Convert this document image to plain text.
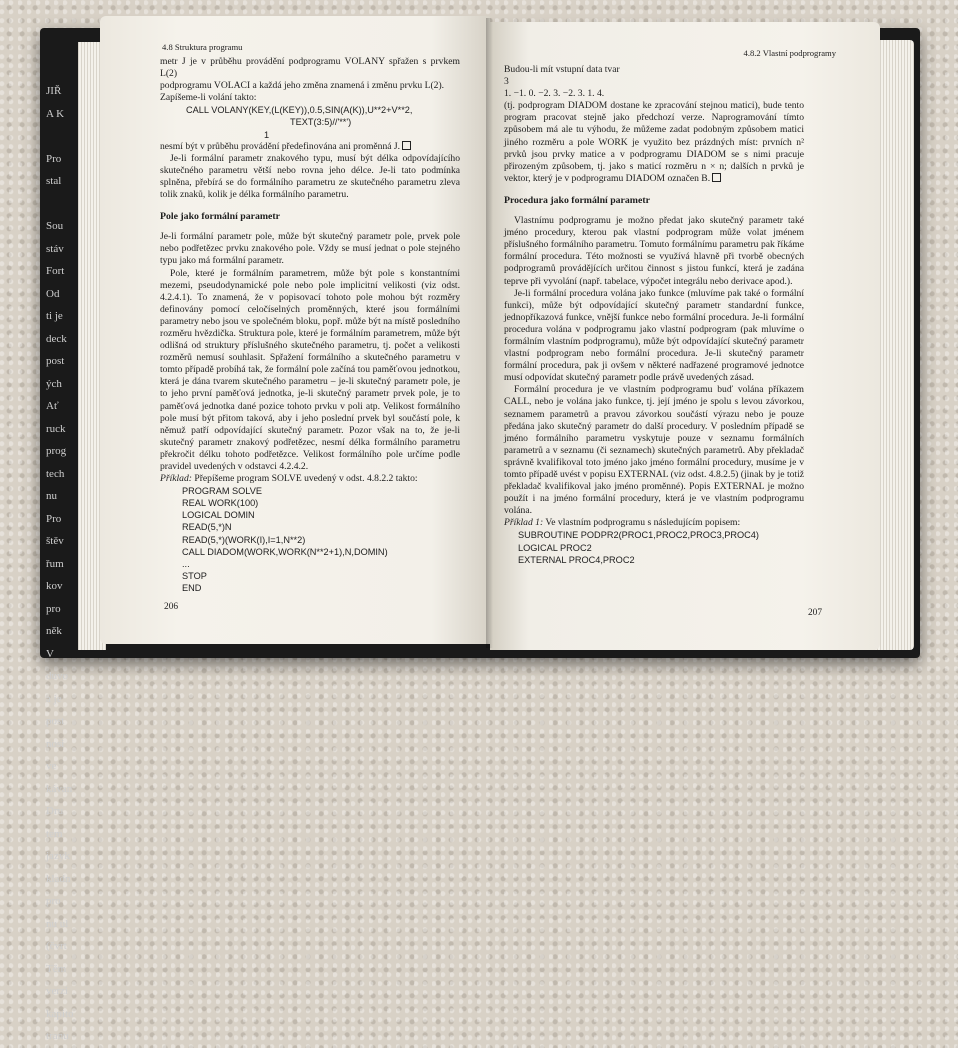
JIŘ
A K

Pro
stal

Sou
stáv
Fort
Od
ti je
deck
post
ých
Ať
ruck
prog
tech
nu
Pro
štěv
řum
kov
pro
něk
V
duvo
a je
post
nosi
ve
kávan
Dru
tem
jazyk
kladn
pro
nu ul
(čvrt
Těm
verzi
kapito
tranu
4.8 Struktura programu

metr J je v průběhu provádění podprogramu VOLANY spřažen s prvkem L(2)

podprogramu VOLACI a každá jeho změna znamená i změnu prvku L(2).

Zapíšeme-li volání takto:

CALL VOLANY(KEY,(L(KEY)),0.5,SIN(A(K)),U**2+V**2,

TEXT(3:5)//'**')

1

nesmí být v průběhu provádění předefinována ani proměnná J.

Je-li formální parametr znakového typu, musí být délka odpovídajícího skutečného parametru větší nebo rovna jeho délce. Je-li tato podmínka splněna, přebírá se do formálního parametru ze skutečného parametru zleva tolik znaků, kolik je délka formálního parametru.

Pole jako formální parametr

Je-li formální parametr pole, může být skutečný parametr pole, prvek pole nebo podřetězec prvku znakového pole. Vždy se musí jednat o pole stejného typu jako má formální parametr.

Pole, které je formálním parametrem, může být pole s konstantními mezemi, pseudodynamické pole nebo pole implicitní velikosti (viz odst. 4.2.4.1). To znamená, že v popisovací tohoto pole mohou být rozměry definovány pomocí celočíselných proměnných, které jsou formálními parametry nebo jsou ve společném bloku, popř. může být na místě posledního rozměru hvězdička. Struktura pole, které je formálním parametrem, může být odlišná od struktury příslušného skutečného parametru, tj. počet a velikosti rozměrů nemusí souhlasit. Spřažení formálního a skutečného parametru v tomto případě probíhá tak, že formální pole začíná tou paměťovou jednotkou, která je dána tvarem skutečného parametru – je-li skutečný parametr pole, je to jeho první paměťová jednotka, je-li skutečný parametr prvek pole, je to paměťová jednotka dané pozice tohoto prvku v poli atp. Velikost formálního pole musí být přitom taková, aby i jeho poslední prvek byl součástí pole, k němuž patří odpovídající skutečný parametr. Pozor však na to, že je-li skutečný parametr znakový podřetězec, nesmí délka formálního parametru překročit délku tohoto podřetězce. Velikost formálního pole určíme podle pravidel uvedených v odstavci 4.2.4.2.

Příklad: Přepíšeme program SOLVE uvedený v odst. 4.8.2.2 takto:

PROGRAM SOLVE

REAL WORK(100)

LOGICAL DOMIN

READ(5,*)N

READ(5,*)(WORK(I),I=1,N**2)

CALL DIADOM(WORK,WORK(N**2+1),N,DOMIN)

...

STOP

END

206
4.8.2 Vlastní podprogramy

Budou-li mít vstupní data tvar

3

1. −1. 0. −2. 3. −2. 3. 1. 4.

(tj. podprogram DIADOM dostane ke zpracování stejnou matici), bude tento program pracovat stejně jako předchozí verze. Naprogramování tímto způsobem má ale tu výhodu, že můžeme zadat podobným způsobem matici jiného rozměru a pole WORK je využito bez prázdných míst: prvních n² prvků jsou prvky matice a v podprogramu DIADOM se s nimi pracuje přirozeným způsobem, tj. jako s maticí rozměru n × n; dalších n prvků je vektor, který je v podprogramu DIADOM označen B.

Procedura jako formální parametr

Vlastnímu podprogramu je možno předat jako skutečný parametr také jméno procedury, kterou pak vlastní podprogram může volat jménem příslušného formálního parametru. Tomuto formálnímu parametru pak říkáme formální procedura. Této možnosti se využívá hlavně při tvorbě obecných podprogramů provádějících určitou činnost s jistou funkcí, která je zadána teprve při vyvolání (např. tabelace, výpočet integrálu nebo derivace apod.).

Je-li formální procedura volána jako funkce (mluvíme pak také o formální funkci), může být odpovídající skutečný parametr standardní funkce, jednopříkazová funkce, vnější funkce nebo formální procedura. Je-li formální procedura volána v podprogramu jako vlastní podprogram (pak mluvíme o formálním vlastním podprogramu), může být odpovídající skutečný parametr vlastní podprogram nebo formální procedura. Je-li skutečný parametr formální procedura, pak ji ovšem v některé nadřazené programové jednotce musí odpovídat skutečný parametr podle právě uvedených zásad.

Formální procedura je ve vlastním podprogramu buď volána příkazem CALL, nebo je volána jako funkce, tj. její jméno je spolu s levou závorkou, seznamem parametrů a pravou závorkou součástí výrazu nebo je pouze předána jako skutečný parametr do další procedury. V posledním případě se jméno formálního parametru vyskytuje pouze v seznamu formálních parametrů a v seznamu (či seznamech) skutečných parametrů. Aby překladač správně kvalifikoval toto jméno jako jméno formální procedury, musíme je v tomto případě uvést v popisu EXTERNAL (viz odst. 4.8.2.5) (jinak by je totiž překladač kvalifikoval jako jméno proměnné). Popis EXTERNAL je možno použít i na jméno formální procedury, která je ve vlastním podprogramu volána.

Příklad 1: Ve vlastním podprogramu s následujícím popisem:

SUBROUTINE PODPR2(PROC1,PROC2,PROC3,PROC4)

LOGICAL PROC2

EXTERNAL PROC4,PROC2

207
